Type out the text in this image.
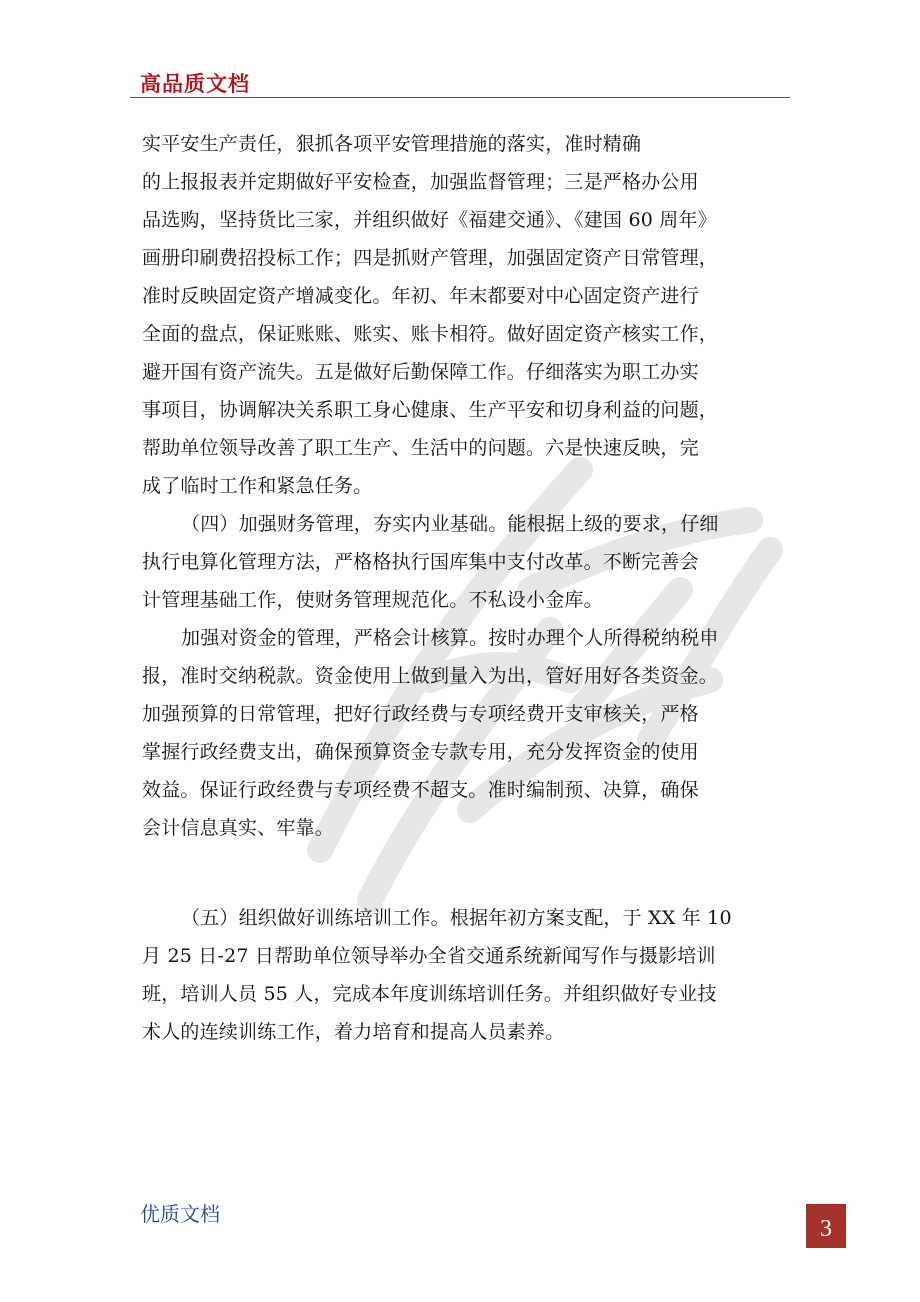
高品质文档
实平安生产责任，狠抓各项平安管理措施的落实，准时精确
的上报报表并定期做好平安检查，加强监督管理；三是严格办公用
品选购，坚持货比三家，并组织做好《福建交通》、《建国 60 周年》
画册印刷费招投标工作；四是抓财产管理，加强固定资产日常管理，
准时反映固定资产增减变化。年初、年末都要对中心固定资产进行
全面的盘点，保证账账、账实、账卡相符。做好固定资产核实工作，
避开国有资产流失。五是做好后勤保障工作。仔细落实为职工办实
事项目，协调解决关系职工身心健康、生产平安和切身利益的问题，
帮助单位领导改善了职工生产、生活中的问题。六是快速反映，完
成了临时工作和紧急任务。
（四）加强财务管理，夯实内业基础。能根据上级的要求，仔细
执行电算化管理方法，严格格执行国库集中支付改革。不断完善会
计管理基础工作，使财务管理规范化。不私设小金库。
加强对资金的管理，严格会计核算。按时办理个人所得税纳税申
报，准时交纳税款。资金使用上做到量入为出，管好用好各类资金。
加强预算的日常管理，把好行政经费与专项经费开支审核关，严格
掌握行政经费支出，确保预算资金专款专用，充分发挥资金的使用
效益。保证行政经费与专项经费不超支。准时编制预、决算，确保
会计信息真实、牢靠。
（五）组织做好训练培训工作。根据年初方案支配，于 XX 年 10
月 25 日-27 日帮助单位领导举办全省交通系统新闻写作与摄影培训
班，培训人员 55 人，完成本年度训练培训任务。并组织做好专业技
术人的连续训练工作，着力培育和提高人员素养。
优质文档
3
